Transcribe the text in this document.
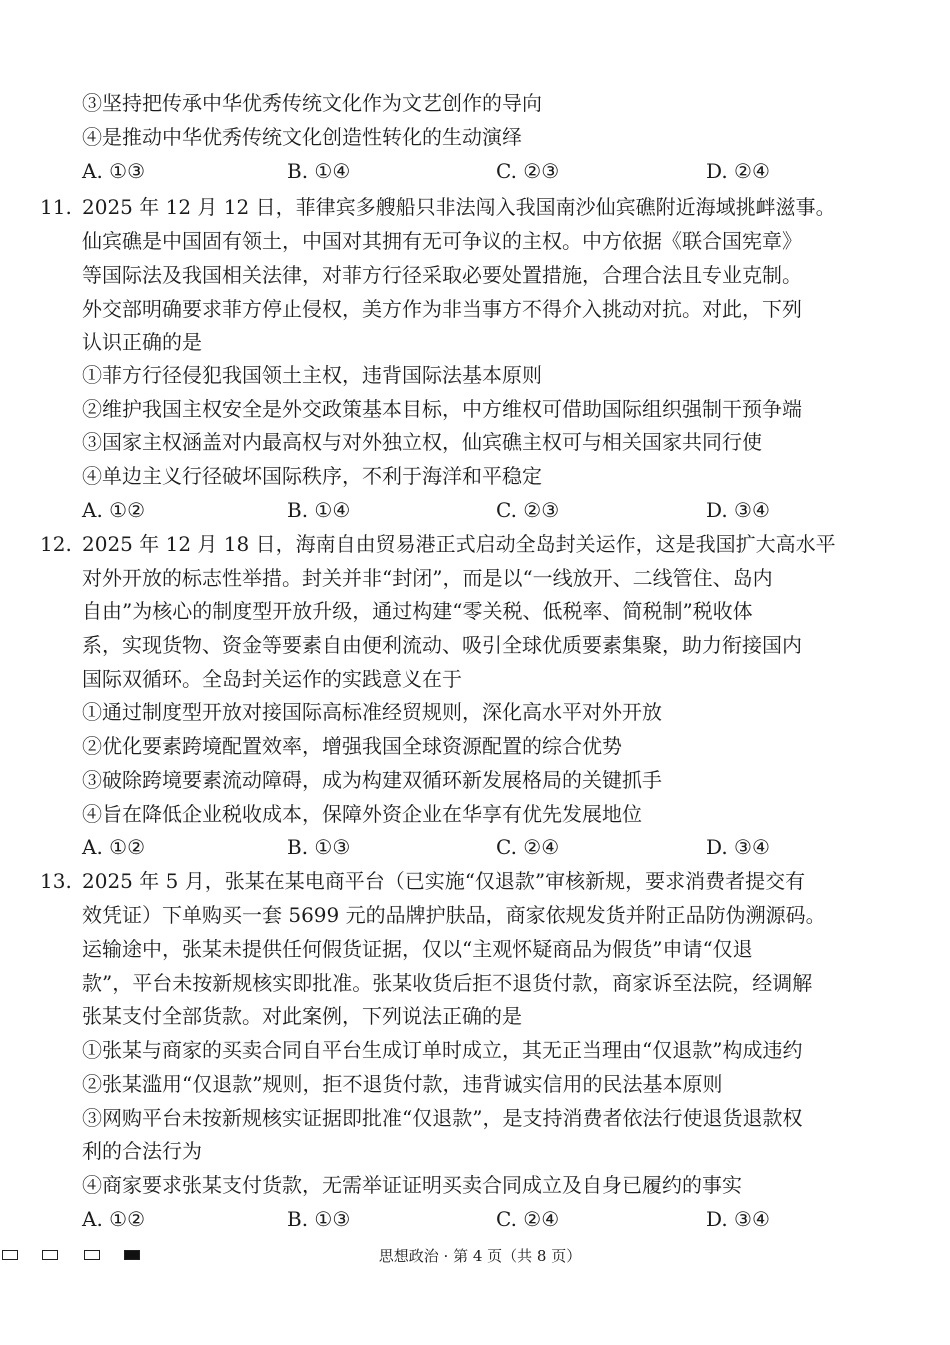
③坚持把传承中华优秀传统文化作为文艺创作的导向
④是推动中华优秀传统文化创造性转化的生动演绎
A. ①③	B. ①④	C. ②③	D. ②④
11. 2025 年 12 月 12 日，菲律宾多艘船只非法闯入我国南沙仙宾礁附近海域挑衅滋事。
仙宾礁是中国固有领土，中国对其拥有无可争议的主权。中方依据《联合国宪章》
等国际法及我国相关法律，对菲方行径采取必要处置措施，合理合法且专业克制。
外交部明确要求菲方停止侵权，美方作为非当事方不得介入挑动对抗。对此，下列
认识正确的是
①菲方行径侵犯我国领土主权，违背国际法基本原则
②维护我国主权安全是外交政策基本目标，中方维权可借助国际组织强制干预争端
③国家主权涵盖对内最高权与对外独立权，仙宾礁主权可与相关国家共同行使
④单边主义行径破坏国际秩序，不利于海洋和平稳定
A. ①②	B. ①④	C. ②③	D. ③④
12. 2025 年 12 月 18 日，海南自由贸易港正式启动全岛封关运作，这是我国扩大高水平
对外开放的标志性举措。封关并非“封闭”，而是以“一线放开、二线管住、岛内
自由”为核心的制度型开放升级，通过构建“零关税、低税率、简税制”税收体
系，实现货物、资金等要素自由便利流动、吸引全球优质要素集聚，助力衔接国内
国际双循环。全岛封关运作的实践意义在于
①通过制度型开放对接国际高标准经贸规则，深化高水平对外开放
②优化要素跨境配置效率，增强我国全球资源配置的综合优势
③破除跨境要素流动障碍，成为构建双循环新发展格局的关键抓手
④旨在降低企业税收成本，保障外资企业在华享有优先发展地位
A. ①②	B. ①③	C. ②④	D. ③④
13. 2025 年 5 月，张某在某电商平台（已实施“仅退款”审核新规，要求消费者提交有
效凭证）下单购买一套 5699 元的品牌护肤品，商家依规发货并附正品防伪溯源码。
运输途中，张某未提供任何假货证据，仅以“主观怀疑商品为假货”申请“仅退
款”，平台未按新规核实即批准。张某收货后拒不退货付款，商家诉至法院，经调解
张某支付全部货款。对此案例，下列说法正确的是
①张某与商家的买卖合同自平台生成订单时成立，其无正当理由“仅退款”构成违约
②张某滥用“仅退款”规则，拒不退货付款，违背诚实信用的民法基本原则
③网购平台未按新规核实证据即批准“仅退款”，是支持消费者依法行使退货退款权
利的合法行为
④商家要求张某支付货款，无需举证证明买卖合同成立及自身已履约的事实
A. ①②	B. ①③	C. ②④	D. ③④
思想政治 · 第 4 页（共 8 页）
